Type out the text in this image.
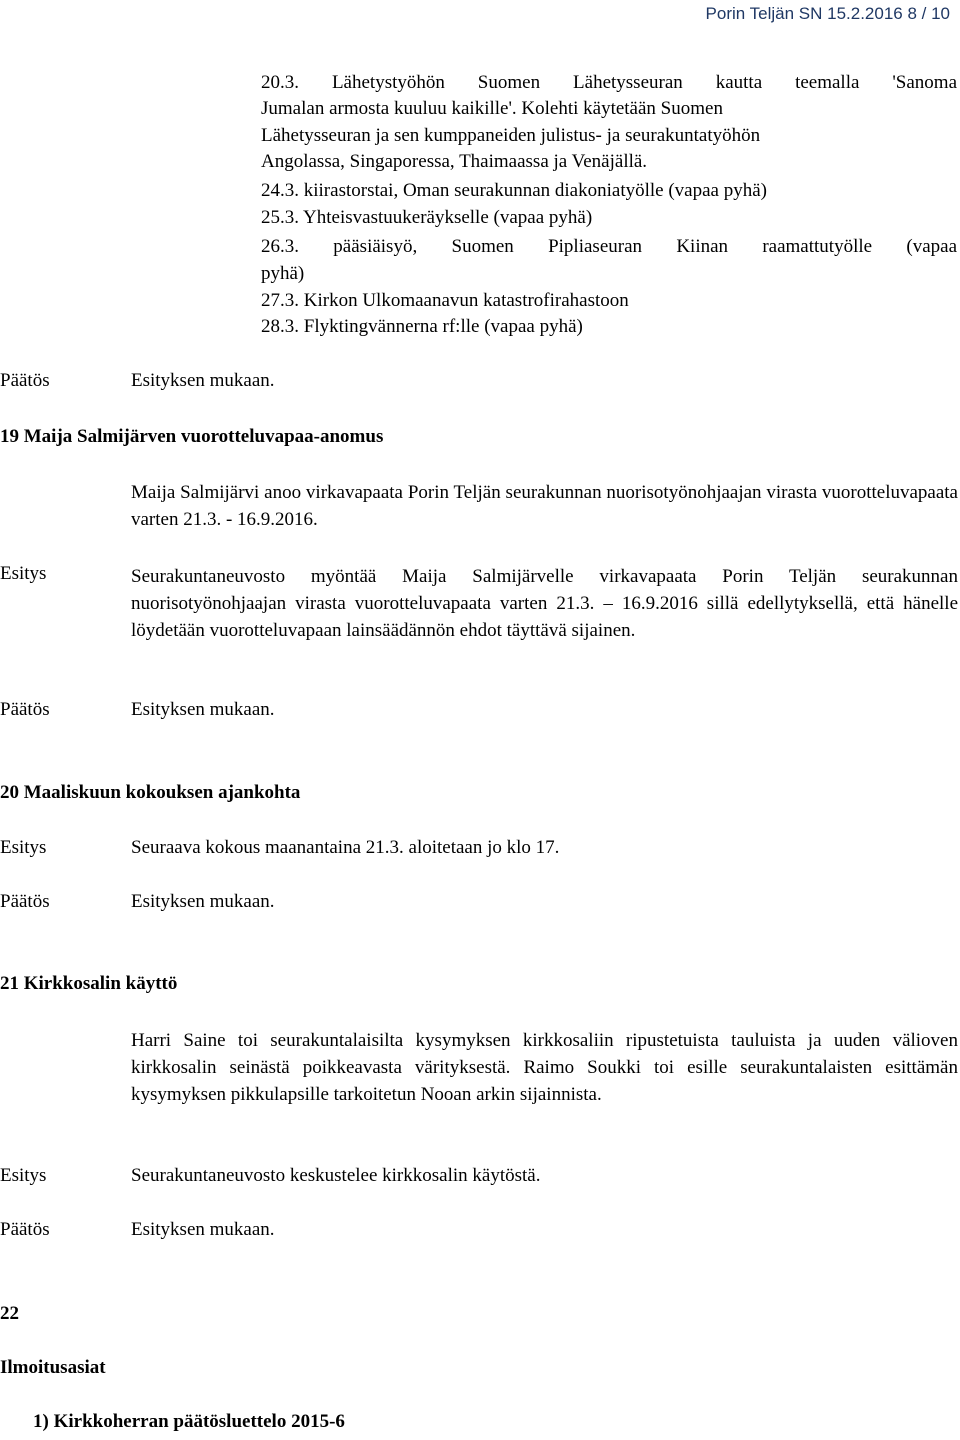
Porin Teljän SN 15.2.2016 8 / 10
20.3. Lähetystyöhön Suomen Lähetysseuran kautta teemalla 'Sanoma
Jumalan armosta kuuluu kaikille'. Kolehti käytetään Suomen
Lähetysseuran ja sen kumppaneiden julistus- ja seurakuntatyöhön
Angolassa, Singaporessa, Thaimaassa ja Venäjällä.
24.3. kiirastorstai, Oman seurakunnan diakoniatyölle (vapaa pyhä)
25.3. Yhteisvastuukeräykselle (vapaa pyhä)
26.3. pääsiäisyö, Suomen Pipliaseuran Kiinan raamattutyölle (vapaa
pyhä)
27.3. Kirkon Ulkomaanavun katastrofirahastoon
28.3. Flyktingvännerna rf:lle (vapaa pyhä)
Päätös	Esityksen mukaan.
19 Maija Salmijärven vuorotteluvapaa-anomus
Maija Salmijärvi anoo virkavapaata Porin Teljän seurakunnan nuorisotyönohjaajan virasta vuorotteluvapaata varten 21.3. - 16.9.2016.
Esitys	Seurakuntaneuvosto myöntää Maija Salmijärvelle virkavapaata Porin Teljän seurakunnan nuorisotyönohjaajan virasta vuorotteluvapaata varten 21.3. – 16.9.2016 sillä edellytyksellä, että hänelle löydetään vuorotteluvapaan lainsäädännön ehdot täyttävä sijainen.
Päätös	Esityksen mukaan.
20 Maaliskuun kokouksen ajankohta
Esitys	Seuraava kokous maanantaina 21.3. aloitetaan jo klo 17.
Päätös	Esityksen mukaan.
21 Kirkkosalin käyttö
Harri Saine toi seurakuntalaisilta kysymyksen kirkkosaliin ripustetuista tauluista ja uuden välioven kirkkosalin seinästä poikkeavasta värityksestä. Raimo Soukki toi esille seurakuntalaisten esittämän kysymyksen pikkulapsille tarkoitetun Nooan arkin sijainnista.
Esitys	Seurakuntaneuvosto keskustelee kirkkosalin käytöstä.
Päätös	Esityksen mukaan.
22
Ilmoitusasiat
1) Kirkkoherran päätösluettelo 2015-6
